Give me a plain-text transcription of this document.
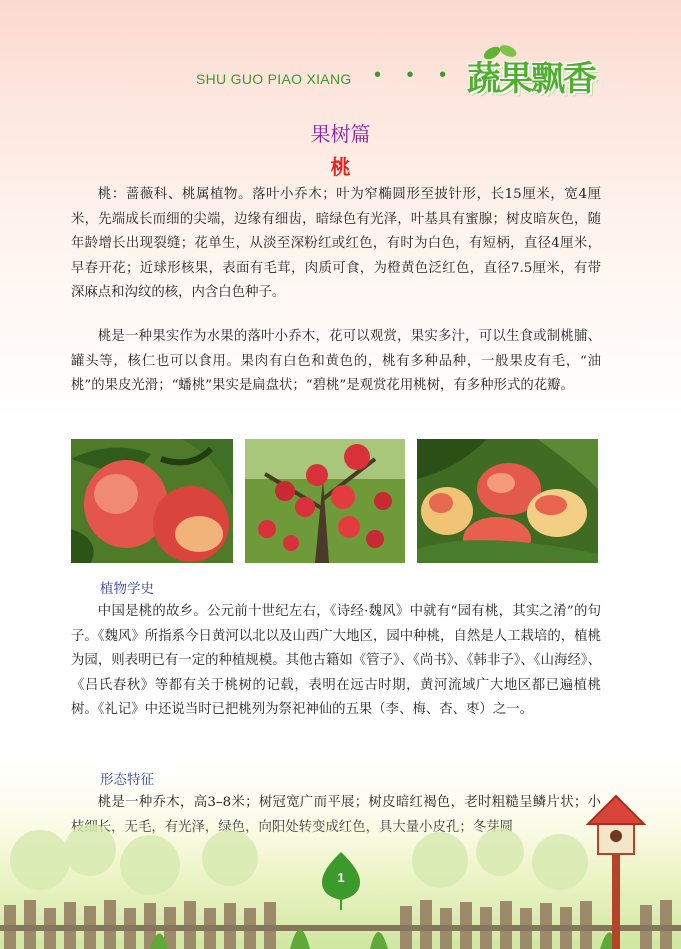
SHU GUO PIAO XIANG • • • 蔬果飘香
果树篇
桃

桃：蔷薇科、桃属植物。落叶小乔木；叶为窄椭圆形至披针形，长15厘米，宽4厘米，先端成长而细的尖端，边缘有细齿，暗绿色有光泽，叶基具有蜜腺；树皮暗灰色，随年龄增长出现裂缝；花单生，从淡至深粉红或红色，有时为白色，有短柄，直径4厘米，早春开花；近球形核果，表面有毛茸，肉质可食，为橙黄色泛红色，直径7.5厘米，有带深麻点和沟纹的核，内含白色种子。

桃是一种果实作为水果的落叶小乔木，花可以观赏，果实多汁，可以生食或制桃脯、罐头等，核仁也可以食用。果肉有白色和黄色的，桃有多种品种，一般果皮有毛，“油桃”的果皮光滑；“蟠桃”果实是扁盘状；“碧桃”是观赏花用桃树，有多种形式的花瓣。

植物学史

中国是桃的故乡。公元前十世纪左右，《诗经·魏风》中就有“园有桃，其实之淆”的句子。《魏风》所指系今日黄河以北以及山西广大地区，园中种桃，自然是人工栽培的，植桃为园，则表明已有一定的种植规模。其他古籍如《管子》、《尚书》、《韩非子》、《山海经》、《吕氏春秋》等都有关于桃树的记载，表明在远古时期，黄河流域广大地区都已遍植桃树。《礼记》中还说当时已把桃列为祭祀神仙的五果（李、梅、杏、枣）之一。

形态特征

桃是一种乔木，高3–8米；树冠宽广而平展；树皮暗红褐色，老时粗糙呈鳞片状；小

1
